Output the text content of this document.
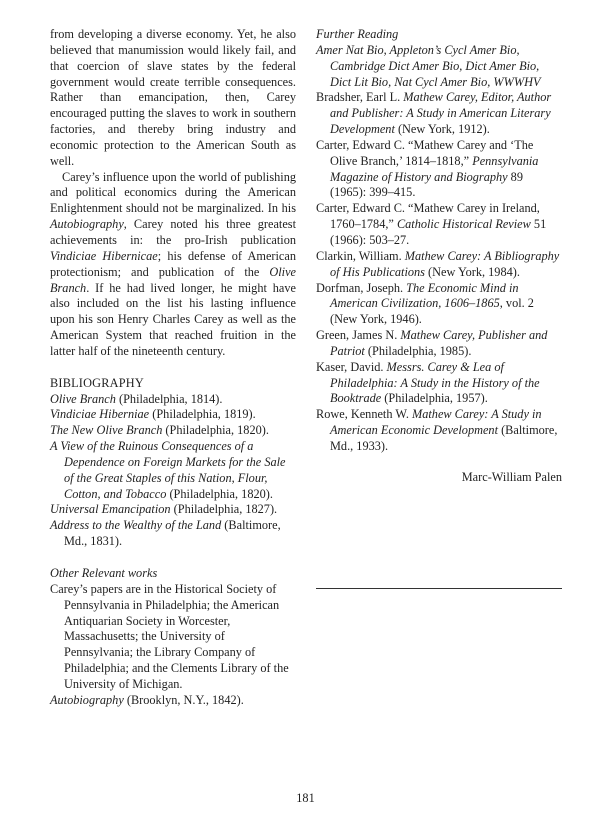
from developing a diverse economy. Yet, he also believed that manumission would likely fail, and that coercion of slave states by the federal government would create terrible consequences. Rather than emancipation, then, Carey encouraged putting the slaves to work in southern factories, and thereby bring industry and economic protection to the American South as well.

Carey’s influence upon the world of publishing and political economics during the American Enlightenment should not be marginalized. In his Autobiography, Carey noted his three greatest achievements in: the pro-Irish publication Vindiciae Hibernicae; his defense of American protectionism; and publication of the Olive Branch. If he had lived longer, he might have also included on the list his lasting influence upon his son Henry Charles Carey as well as the American System that reached fruition in the latter half of the nineteenth century.

BIBLIOGRAPHY

Olive Branch (Philadelphia, 1814).

Vindiciae Hiberniae (Philadelphia, 1819).

The New Olive Branch (Philadelphia, 1820).

A View of the Ruinous Consequences of a Dependence on Foreign Markets for the Sale of the Great Staples of this Nation, Flour, Cotton, and Tobacco (Philadelphia, 1820).

Universal Emancipation (Philadelphia, 1827).

Address to the Wealthy of the Land (Baltimore, Md., 1831).

Other Relevant works

Carey’s papers are in the Historical Society of Pennsylvania in Philadelphia; the American Antiquarian Society in Worcester, Massachusetts; the University of Pennsylvania; the Library Company of Philadelphia; and the Clements Library of the University of Michigan.

Autobiography (Brooklyn, N.Y., 1842).

Further Reading

Amer Nat Bio, Appleton’s Cycl Amer Bio, Cambridge Dict Amer Bio, Dict Amer Bio, Dict Lit Bio, Nat Cycl Amer Bio, WWWHV

Bradsher, Earl L. Mathew Carey, Editor, Author and Publisher: A Study in American Literary Development (New York, 1912).

Carter, Edward C. “Mathew Carey and ‘The Olive Branch,’ 1814–1818,” Pennsylvania Magazine of History and Biography 89 (1965): 399–415.

Carter, Edward C. “Mathew Carey in Ireland, 1760–1784,” Catholic Historical Review 51 (1966): 503–27.

Clarkin, William. Mathew Carey: A Bibliography of His Publications (New York, 1984).

Dorfman, Joseph. The Economic Mind in American Civilization, 1606–1865, vol. 2 (New York, 1946).

Green, James N. Mathew Carey, Publisher and Patriot (Philadelphia, 1985).

Kaser, David. Messrs. Carey & Lea of Philadelphia: A Study in the History of the Booktrade (Philadelphia, 1957).

Rowe, Kenneth W. Mathew Carey: A Study in American Economic Development (Baltimore, Md., 1933).

Marc-William Palen

181
